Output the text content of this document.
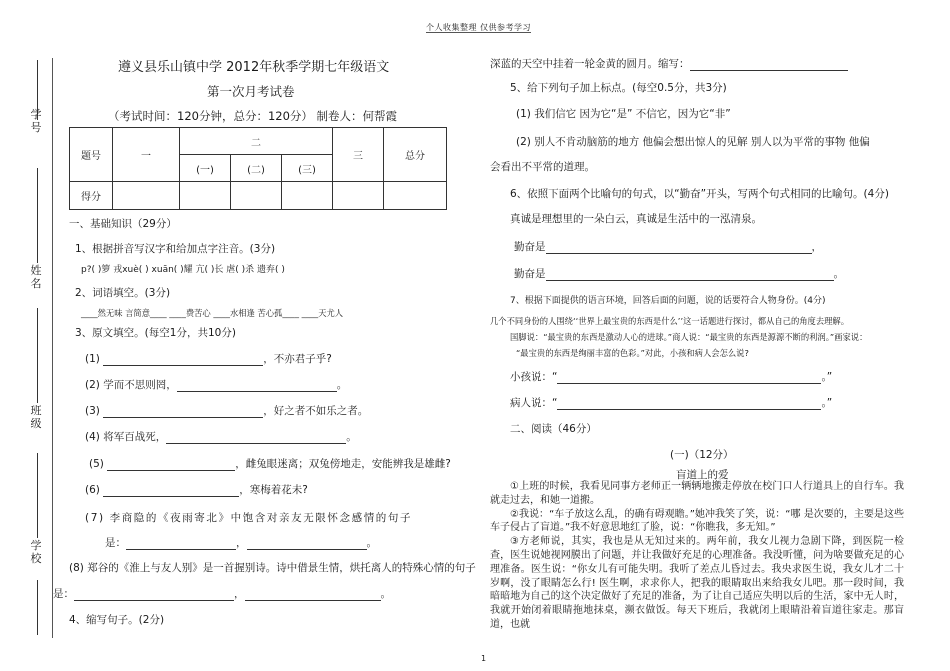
个人收集整理 仅供参考学习
学号
姓名
班级
学校
遵义县乐山镇中学 2012年秋季学期七年级语文
第一次月考试卷
（考试时间：120分钟，总分：120分） 制卷人：何帮霞
题号	一	二			三	总分
		(一)	(二)	(三)		
得分						
一、基础知识（29分）
1、根据拼音写汉字和给加点字注音。(3分)
p?( )箩 戎xuè( ) xuān( )耀 亢( )长 虐( )杀 遗弃( )
2、词语填空。(3分)
____然无味 言简意____ ____费苦心 ____水相逢 苦心孤____ ____天尤人
3、原文填空。(每空1分，共10分)
(1)	，不亦君子乎?
(2) 学而不思则罔，	。
(3)	，好之者不如乐之者。
(4) 将军百战死，	。
(5)	，雌兔眼迷离；双兔傍地走，安能辨我是雄雌?
(6)	，寒梅着花未?
(7) 李商隐的《夜雨寄北》中饱含对亲友无限怀念感情的句子
是：	，	。
(8) 郑谷的《淮上与友人别》是一首握别诗。诗中借景生情，烘托离人的特殊心情的句子
是：	，	。
4、缩写句子。(2分)
深蓝的天空中挂着一轮金黄的圆月。缩写：
5、给下列句子加上标点。(每空0.5分，共3分)
(1) 我们信它 因为它“是” 不信它，因为它“非”
(2) 别人不肯动脑筋的地方 他偏会想出惊人的见解 别人以为平常的事物 他偏
会看出不平常的道理。
6、依照下面两个比喻句的句式，以“勤奋”开头，写两个句式相同的比喻句。(4分)
真诚是理想里的一朵白云，真诚是生活中的一泓清泉。
勤奋是	，
勤奋是	。
7、根据下面提供的语言环境，回答后面的问题，说的话要符合人物身份。(4分)
几个不同身份的人围绕‘‘世界上最宝贵的东西是什么’’这一话题进行探讨，都从自己的角度去理解。
国脚说：“最宝贵的东西是激动人心的进球。”商人说：“最宝贵的东西是源源不断的利润。”画家说：
“最宝贵的东西是绚丽丰富的色彩。”对此，小孩和病人会怎么说?
小孩说：“	。”
病人说：“	。”
二、阅读（46分）
(一)（12分）
盲道上的爱
①上班的时候，我看见同事方老师正一辆辆地搬走停放在校门口人行道具上的自行车。我就走过去，和她一道搬。
②我说：“车子放这么乱，的确有碍观瞻。”她冲我笑了笑，说：“哪 是次要的，主要是这些车子侵占了盲道。”我不好意思地红了脸，说：“你瞧我，多无知。”
③方老师说，其实，我也是从无知过来的。两年前，我女儿视力急剧下降，到医院一检查，医生说她视网膜出了问题，并让我做好充足的心理准备。我没听懂，问为啥要做充足的心理准备。医生说：“你女儿有可能失明。我听了差点儿昏过去。我央求医生说，我女儿才二十岁啊，没了眼睛怎么行! 医生啊，求求你人，把我的眼睛取出来给我女儿吧。那一段时间，我暗暗地为自己的这个决定做好了充足的准备，为了让自己适应失明以后的生活，家中无人时，我就开始闭着眼睛拖地抹桌，濒衣做饭。每天下班后，我就闭上眼睛沿着盲道往家走。那盲道，也就
1
